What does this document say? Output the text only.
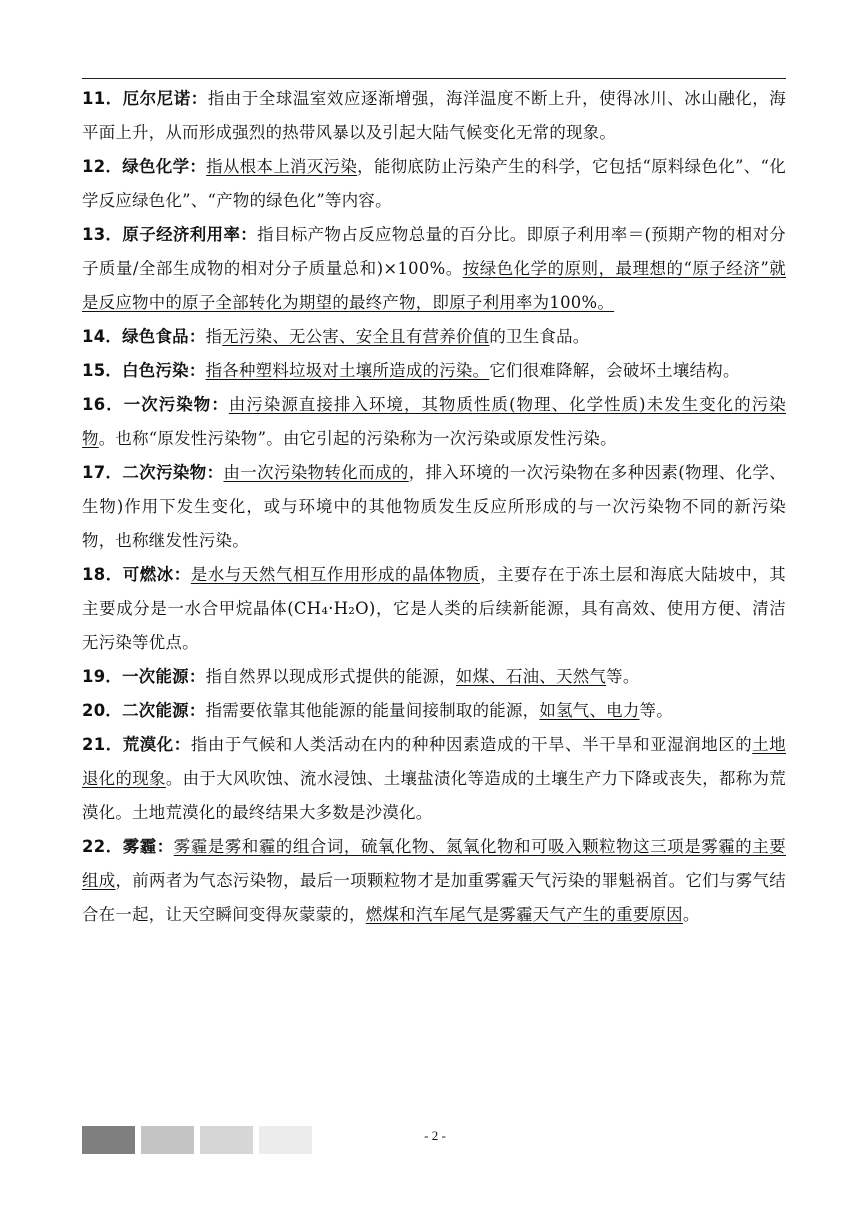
11．厄尔尼诺：指由于全球温室效应逐渐增强，海洋温度不断上升，使得冰川、冰山融化，海平面上升，从而形成强烈的热带风暴以及引起大陆气候变化无常的现象。

12．绿色化学：指从根本上消灭污染，能彻底防止污染产生的科学，它包括“原料绿色化”、“化学反应绿色化”、“产物的绿色化”等内容。

13．原子经济利用率：指目标产物占反应物总量的百分比。即原子利用率＝(预期产物的相对分子质量/全部生成物的相对分子质量总和)×100%。按绿色化学的原则，最理想的“原子经济”就是反应物中的原子全部转化为期望的最终产物，即原子利用率为100%。

14．绿色食品：指无污染、无公害、安全且有营养价值的卫生食品。

15．白色污染：指各种塑料垃圾对土壤所造成的污染。它们很难降解，会破坏土壤结构。

16．一次污染物：由污染源直接排入环境，其物质性质(物理、化学性质)未发生变化的污染物。也称“原发性污染物”。由它引起的污染称为一次污染或原发性污染。

17．二次污染物：由一次污染物转化而成的，排入环境的一次污染物在多种因素(物理、化学、生物)作用下发生变化，或与环境中的其他物质发生反应所形成的与一次污染物不同的新污染物，也称继发性污染。

18．可燃冰：是水与天然气相互作用形成的晶体物质，主要存在于冻土层和海底大陆坡中，其主要成分是一水合甲烷晶体(CH₄·H₂O)，它是人类的后续新能源，具有高效、使用方便、清洁无污染等优点。

19．一次能源：指自然界以现成形式提供的能源，如煤、石油、天然气等。

20．二次能源：指需要依靠其他能源的能量间接制取的能源，如氢气、电力等。

21．荒漠化：指由于气候和人类活动在内的种种因素造成的干旱、半干旱和亚湿润地区的土地退化的现象。由于大风吹蚀、流水浸蚀、土壤盐渍化等造成的土壤生产力下降或丧失，都称为荒漠化。土地荒漠化的最终结果大多数是沙漠化。

22．雾霾：雾霾是雾和霾的组合词，硫氧化物、氮氧化物和可吸入颗粒物这三项是雾霾的主要组成，前两者为气态污染物，最后一项颗粒物才是加重雾霾天气污染的罪魁祸首。它们与雾气结合在一起，让天空瞬间变得灰蒙蒙的，燃煤和汽车尾气是雾霾天气产生的重要原因。

- 2 -
